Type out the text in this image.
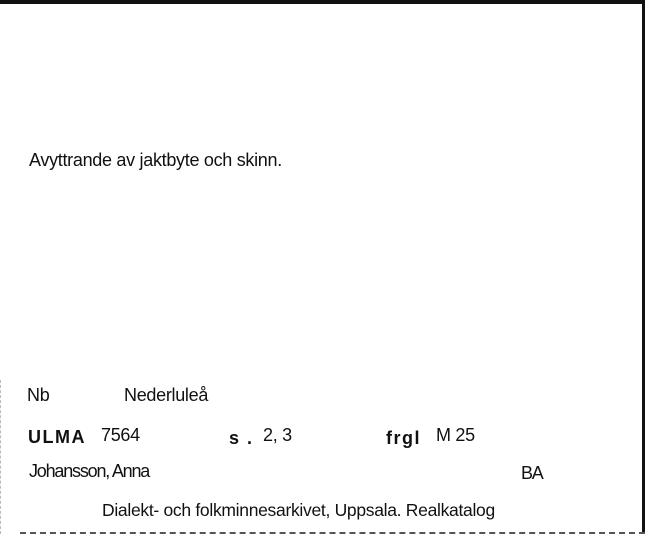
Avyttrande av jaktbyte och skinn.
Nb	Nederluleå
ULMA 7564	s . 2, 3	frgl M 25
Johansson, Anna	BA
Dialekt- och folkminnesarkivet, Uppsala. Realkatalog
